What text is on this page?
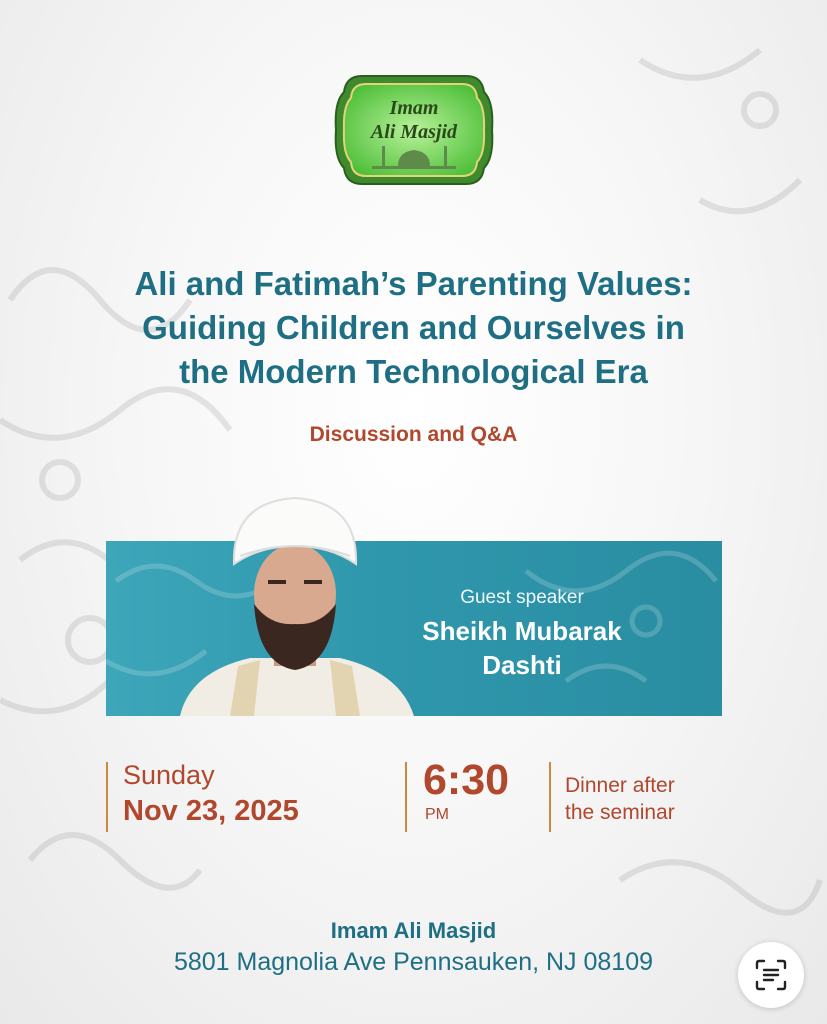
Imam
Ali Masjid
Ali and Fatimah’s Parenting Values:
Guiding Children and Ourselves in
the Modern Technological Era
Discussion and Q&A
Guest speaker
Sheikh Mubarak
Dashti
Sunday
Nov 23, 2025
6:30
PM
Dinner after
the seminar
Imam Ali Masjid
5801 Magnolia Ave Pennsauken, NJ 08109
